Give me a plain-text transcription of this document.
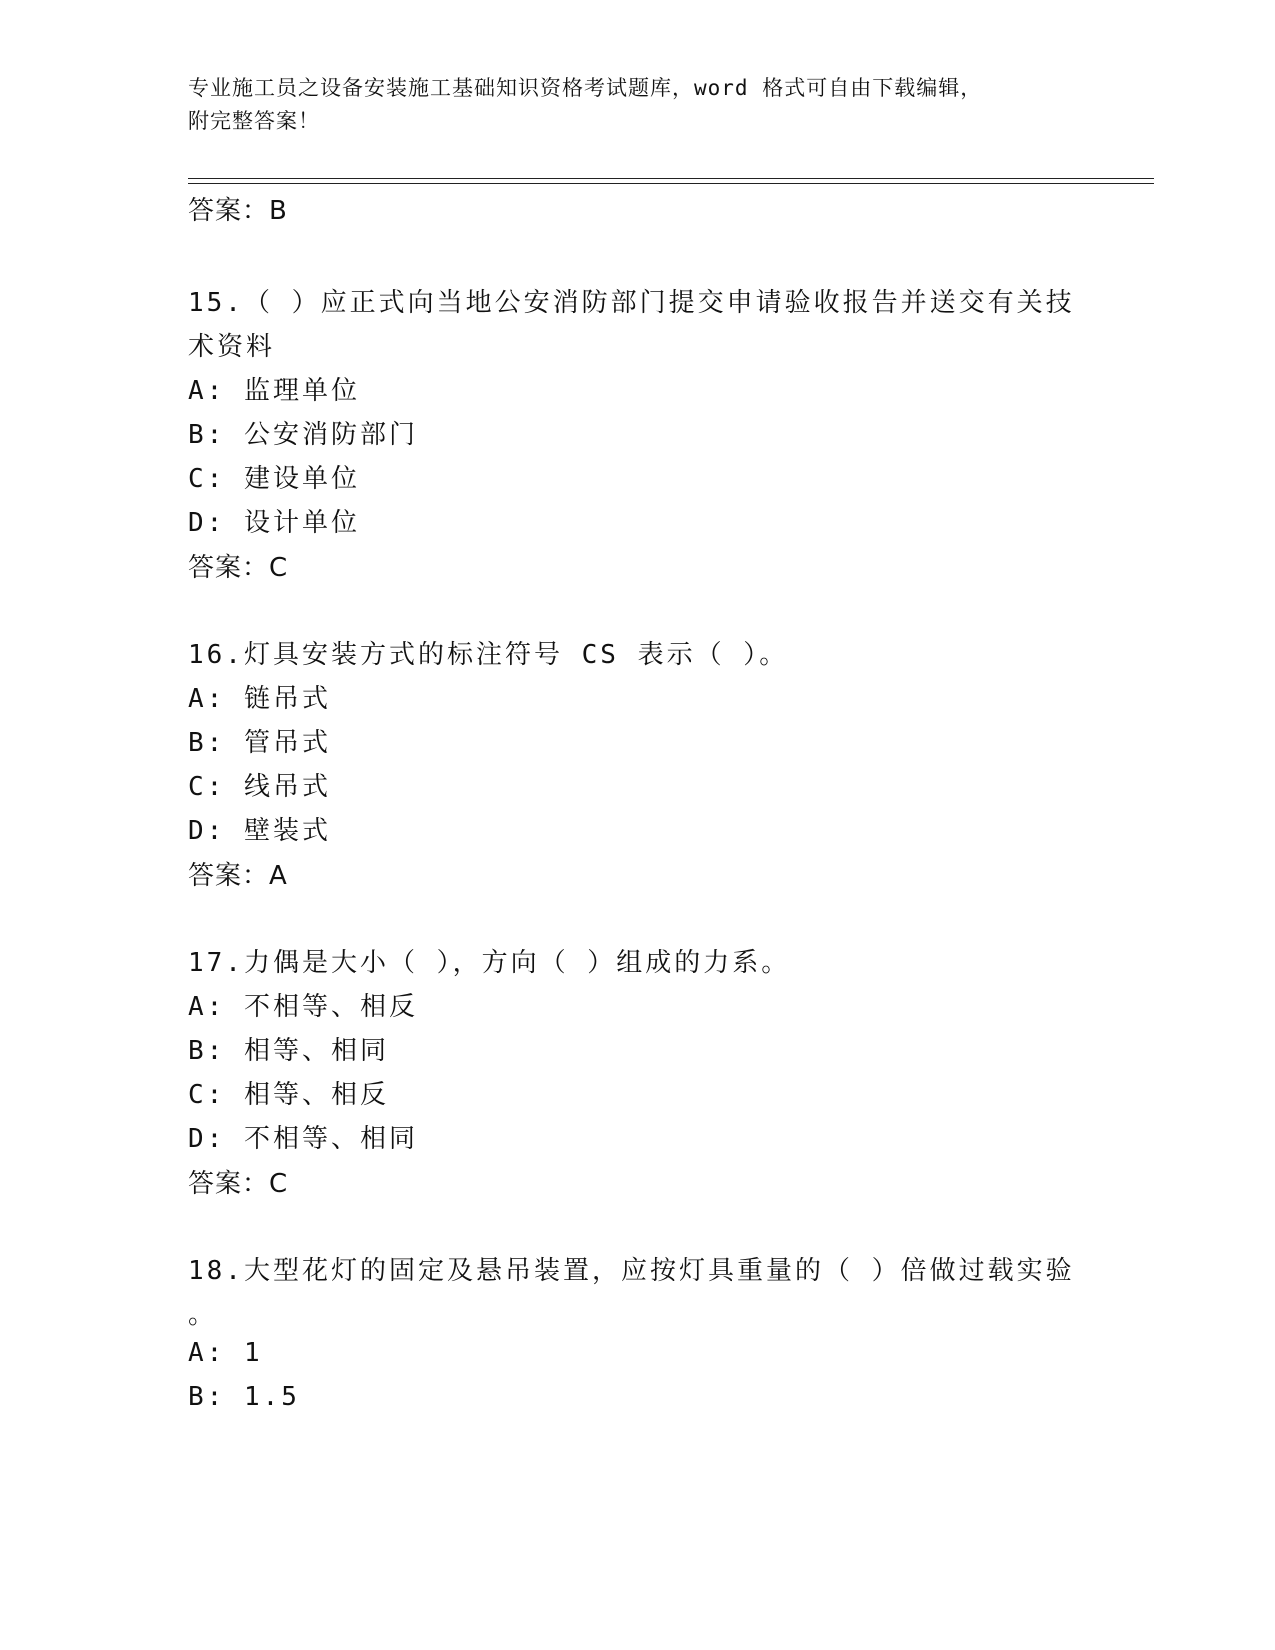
专业施工员之设备安装施工基础知识资格考试题库，word 格式可自由下载编辑，
附完整答案！
答案：B
15.（ ）应正式向当地公安消防部门提交申请验收报告并送交有关技
术资料
A: 监理单位
B: 公安消防部门
C: 建设单位
D: 设计单位
答案：C
16.灯具安装方式的标注符号 CS 表示（ ）。
A: 链吊式
B: 管吊式
C: 线吊式
D: 壁装式
答案：A
17.力偶是大小（ ），方向（ ）组成的力系。
A: 不相等、相反
B: 相等、相同
C: 相等、相反
D: 不相等、相同
答案：C
18.大型花灯的固定及悬吊装置，应按灯具重量的（ ）倍做过载实验
。
A: 1
B: 1.5
